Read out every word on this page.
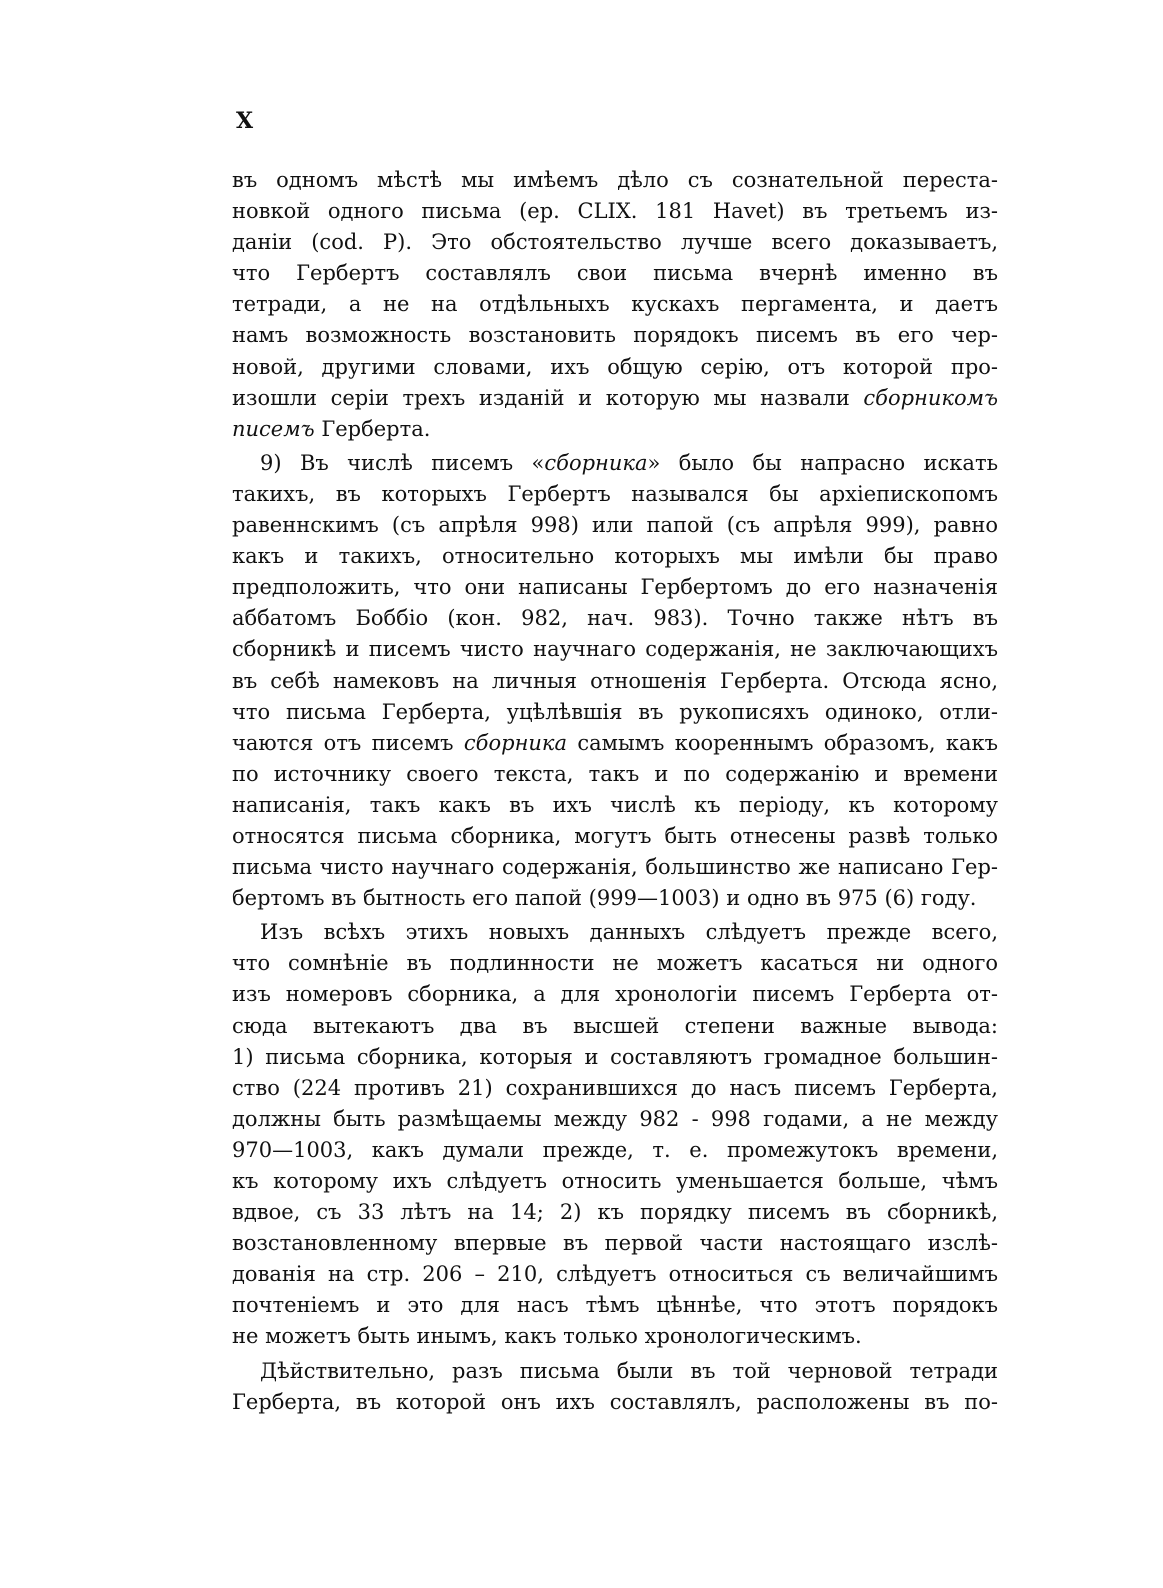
X
въ одномъ мѣстѣ мы имѣемъ дѣло съ сознательной переста-
новкой одного письма (ер. CLIX. 181 Havet) въ третьемъ из-
даніи (cod. P). Это обстоятельство лучше всего доказываетъ,
что Гербертъ составлялъ свои письма вчернѣ именно въ
тетради, а не на отдѣльныхъ кускахъ пергамента, и даетъ
намъ возможность возстановить порядокъ писемъ въ его чер-
новой, другими словами, ихъ общую серію, отъ которой про-
изошли серіи трехъ изданій и которую мы назвали сборникомъ
писемъ Герберта.
9) Въ числѣ писемъ «сборника» было бы напрасно искать
такихъ, въ которыхъ Гербертъ назывался бы архіепископомъ
равеннскимъ (съ апрѣля 998) или папой (съ апрѣля 999), равно
какъ и такихъ, относительно которыхъ мы имѣли бы право
предположить, что они написаны Гербертомъ до его назначенія
аббатомъ Боббіо (кон. 982, нач. 983). Точно также нѣтъ въ
сборникѣ и писемъ чисто научнаго содержанія, не заключающихъ
въ себѣ намековъ на личныя отношенія Герберта. Отсюда ясно,
что письма Герберта, уцѣлѣвшія въ рукописяхъ одиноко, отли-
чаются отъ писемъ сборника самымъ коореннымъ образомъ, какъ
по источнику своего текста, такъ и по содержанію и времени
написанія, такъ какъ въ ихъ числѣ къ періоду, къ которому
относятся письма сборника, могутъ быть отнесены развѣ только
письма чисто научнаго содержанія, большинство же написано Гер-
бертомъ въ бытность его папой (999—1003) и одно въ 975 (6) году.
Изъ всѣхъ этихъ новыхъ данныхъ слѣдуетъ прежде всего,
что сомнѣніе въ подлинности не можетъ касаться ни одного
изъ номеровъ сборника, а для хронологіи писемъ Герберта от-
сюда вытекаютъ два въ высшей степени важные вывода:
1) письма сборника, которыя и составляютъ громадное большин-
ство (224 противъ 21) сохранившихся до насъ писемъ Герберта,
должны быть размѣщаемы между 982 - 998 годами, а не между
970—1003, какъ думали прежде, т. е. промежутокъ времени,
къ которому ихъ слѣдуетъ относить уменьшается больше, чѣмъ
вдвое, съ 33 лѣтъ на 14; 2) къ порядку писемъ въ сборникѣ,
возстановленному впервые въ первой части настоящаго изслѣ-
дованія на стр. 206 – 210, слѣдуетъ относиться съ величайшимъ
почтеніемъ и это для насъ тѣмъ цѣннѣе, что этотъ порядокъ
не можетъ быть инымъ, какъ только хронологическимъ.
Дѣйствительно, разъ письма были въ той черновой тетради
Герберта, въ которой онъ ихъ составлялъ, расположены въ по-
